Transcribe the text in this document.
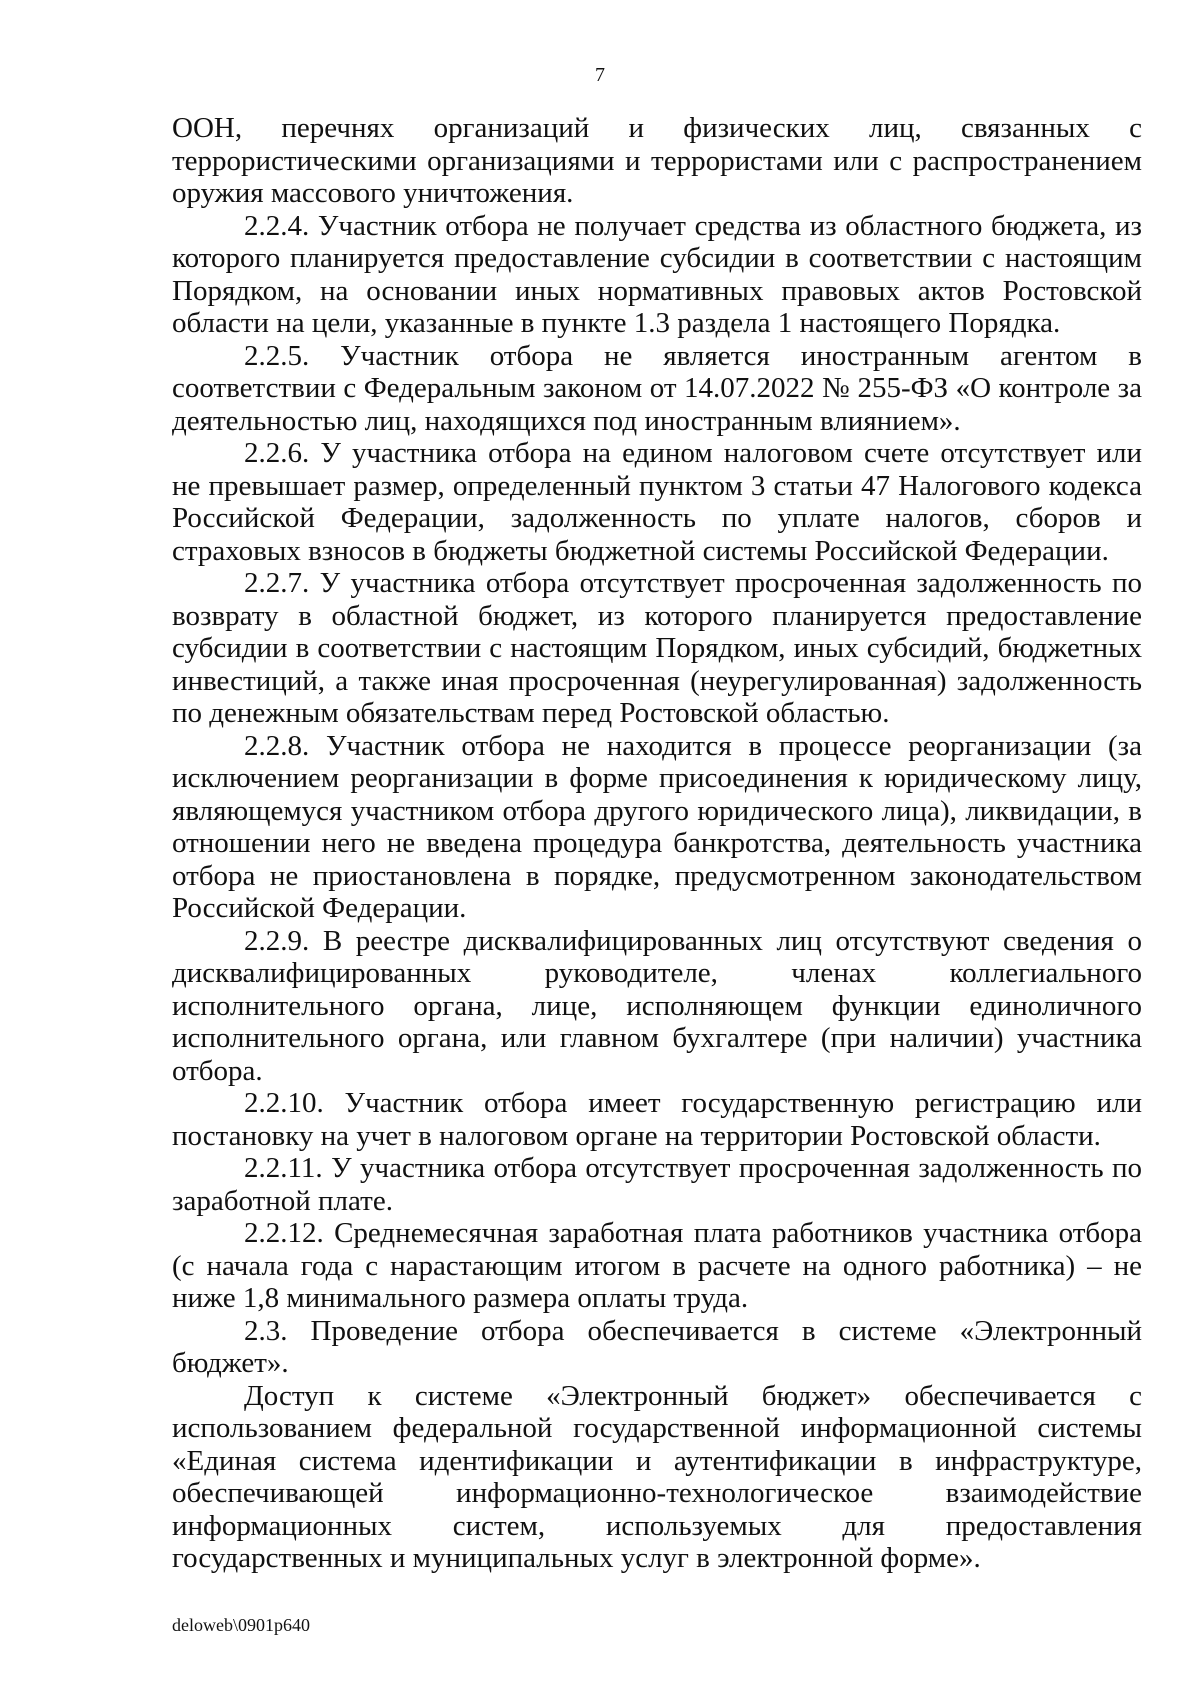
7

ООН, перечнях организаций и физических лиц, связанных с террористическими организациями и террористами или с распространением оружия массового уничтожения.

2.2.4. Участник отбора не получает средства из областного бюджета, из которого планируется предоставление субсидии в соответствии с настоящим Порядком, на основании иных нормативных правовых актов Ростовской области на цели, указанные в пункте 1.3 раздела 1 настоящего Порядка.

2.2.5. Участник отбора не является иностранным агентом в соответствии с Федеральным законом от 14.07.2022 № 255-ФЗ «О контроле за деятельностью лиц, находящихся под иностранным влиянием».

2.2.6. У участника отбора на едином налоговом счете отсутствует или не превышает размер, определенный пунктом 3 статьи 47 Налогового кодекса Российской Федерации, задолженность по уплате налогов, сборов и страховых взносов в бюджеты бюджетной системы Российской Федерации.

2.2.7. У участника отбора отсутствует просроченная задолженность по возврату в областной бюджет, из которого планируется предоставление субсидии в соответствии с настоящим Порядком, иных субсидий, бюджетных инвестиций, а также иная просроченная (неурегулированная) задолженность по денежным обязательствам перед Ростовской областью.

2.2.8. Участник отбора не находится в процессе реорганизации (за исключением реорганизации в форме присоединения к юридическому лицу, являющемуся участником отбора другого юридического лица), ликвидации, в отношении него не введена процедура банкротства, деятельность участника отбора не приостановлена в порядке, предусмотренном законодательством Российской Федерации.

2.2.9. В реестре дисквалифицированных лиц отсутствуют сведения о дисквалифицированных руководителе, членах коллегиального исполнительного органа, лице, исполняющем функции единоличного исполнительного органа, или главном бухгалтере (при наличии) участника отбора.

2.2.10. Участник отбора имеет государственную регистрацию или постановку на учет в налоговом органе на территории Ростовской области.

2.2.11. У участника отбора отсутствует просроченная задолженность по заработной плате.

2.2.12. Среднемесячная заработная плата работников участника отбора (с начала года с нарастающим итогом в расчете на одного работника) – не ниже 1,8 минимального размера оплаты труда.

2.3. Проведение отбора обеспечивается в системе «Электронный бюджет».

Доступ к системе «Электронный бюджет» обеспечивается с использованием федеральной государственной информационной системы «Единая система идентификации и аутентификации в инфраструктуре, обеспечивающей информационно-технологическое взаимодействие информационных систем, используемых для предоставления государственных и муниципальных услуг в электронной форме».

deloweb\0901p640
